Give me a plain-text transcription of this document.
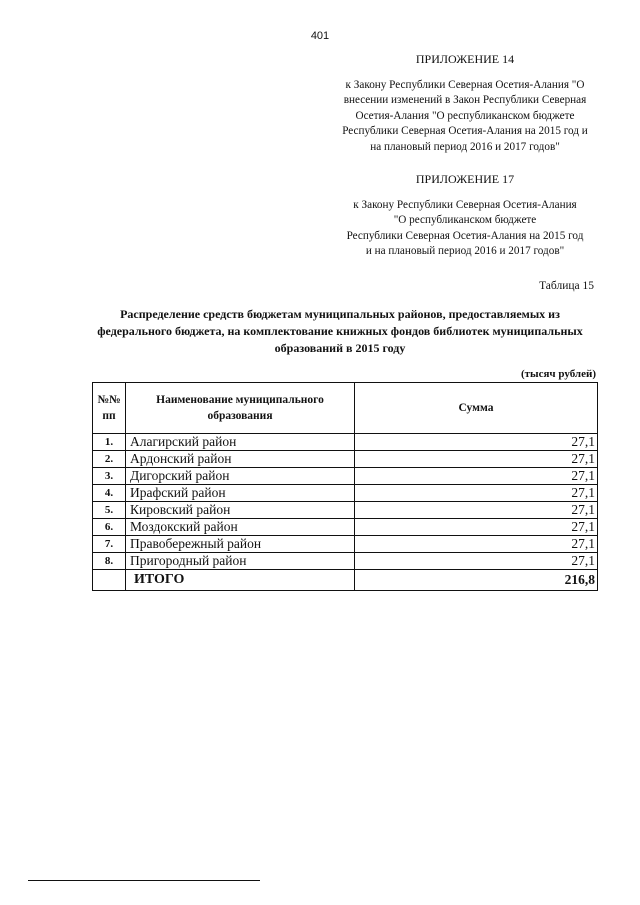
401
ПРИЛОЖЕНИЕ 14
к Закону Республики Северная Осетия-Алания "О
внесении изменений в Закон Республики Северная
Осетия-Алания "О республиканском бюджете
Республики Северная Осетия-Алания на 2015 год и
на плановый период 2016 и 2017 годов"
ПРИЛОЖЕНИЕ 17
к Закону Республики Северная Осетия-Алания
"О республиканском бюджете
Республики Северная Осетия-Алания на 2015 год
и на плановый период 2016 и 2017 годов"
Таблица 15
Распределение средств бюджетам муниципальных районов, предоставляемых из
федерального бюджета, на комплектование книжных фондов библиотек муниципальных
образований в 2015 году
(тысяч рублей)
№№ пп	Наименование муниципального образования	Сумма
1.	Алагирский район	27,1
2.	Ардонский район	27,1
3.	Дигорский район	27,1
4.	Ирафский район	27,1
5.	Кировский район	27,1
6.	Моздокский район	27,1
7.	Правобережный район	27,1
8.	Пригородный район	27,1
	ИТОГО	216,8
